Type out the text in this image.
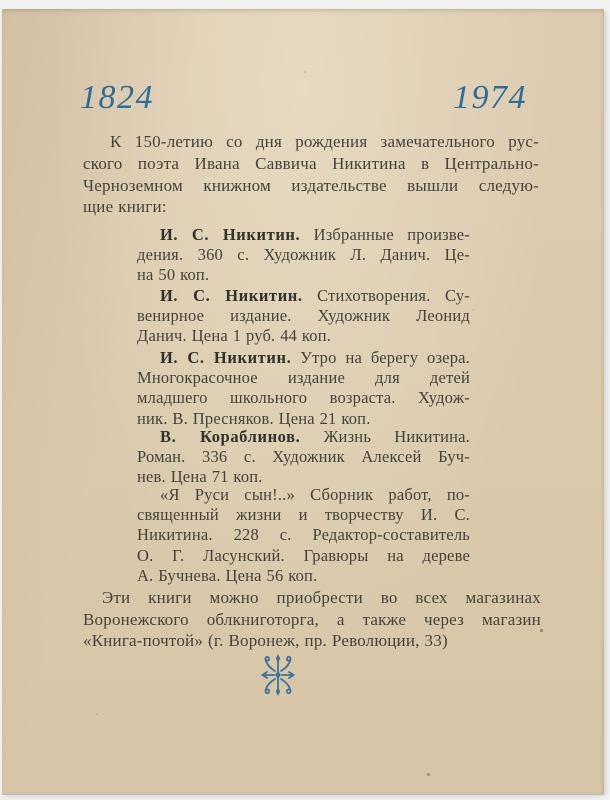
1824	1974
К 150-летию со дня рождения замечательного рус-
ского поэта Ивана Саввича Никитина в Центрально-
Черноземном книжном издательстве вышли следую-
щие книги:
И. С. Никитин. Избранные произве-
дения. 360 с. Художник Л. Данич. Це-
на 50 коп.
И. С. Никитин. Стихотворения. Су-
венирное издание. Художник Леонид
Данич. Цена 1 руб. 44 коп.
И. С. Никитин. Утро на берегу озера.
Многокрасочное издание для детей
младшего школьного возраста. Худож-
ник. В. Пресняков. Цена 21 коп.
В. Кораблинов. Жизнь Никитина.
Роман. 336 с. Художник Алексей Буч-
нев. Цена 71 коп.
«Я Руси сын!..» Сборник работ, по-
священный жизни и творчеству И. С.
Никитина. 228 с. Редактор-составитель
О. Г. Ласунский. Гравюры на дереве
А. Бучнева. Цена 56 коп.
Эти книги можно приобрести во всех магазинах
Воронежского облкниготорга, а также через магазин
«Книга-почтой» (г. Воронеж, пр. Революции, 33)
